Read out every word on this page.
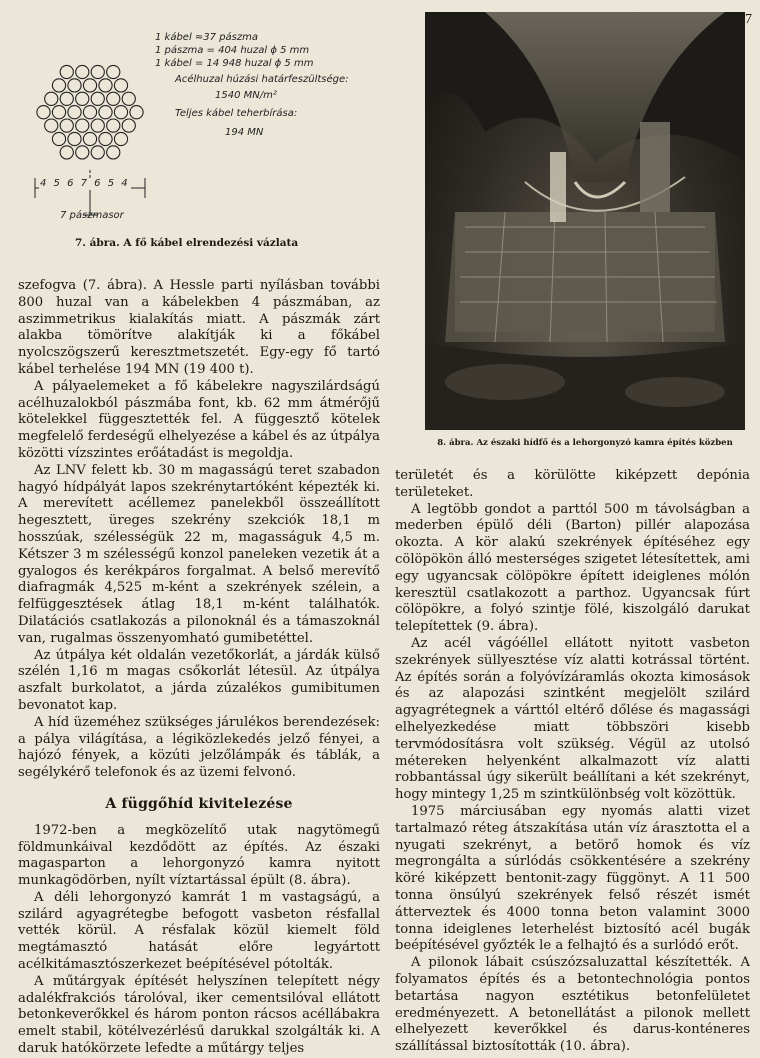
7
1 kábel ≈37 pászma
1 pászma = 404 huzal ϕ 5 mm
1 kábel = 14 948 huzal ϕ 5 mm
Acélhuzal húzási határfeszültsége:
1540 MN/m²
Teljes kábel teherbírása:
194 MN
4 5 6 7 6 5 4
7 pászmasor
7. ábra. A fő kábel elrendezési vázlata
8. ábra. Az északi hídfő és a lehorgonyzó kamra építés közben

szefogva (7. ábra). A Hessle parti nyílásban további 800 huzal van a kábelekben 4 pászmában, az aszimmetrikus kialakítás miatt. A pászmák zárt alakba tömörítve alakítják ki a főkábel nyolcszögszerű keresztmetszetét. Egy-egy fő tartó kábel terhelése 194 MN (19 400 t).

A pályaelemeket a fő kábelekre nagyszilárdságú acélhuzalokból pászmába font, kb. 62 mm átmérőjű kötelekkel függesztették fel. A függesztő kötelek megfelelő ferdeségű elhelyezése a kábel és az útpálya közötti vízszintes erőátadást is megoldja.

Az LNV felett kb. 30 m magasságú teret szabadon hagyó hídpályát lapos szekrénytartóként képezték ki. A merevített acéllemez panelekből összeállított hegesztett, üreges szekrény szekciók 18,1 m hosszúak, szélességük 22 m, magasságuk 4,5 m. Kétszer 3 m szélességű konzol paneleken vezetik át a gyalogos és kerékpáros forgalmat. A belső merevítő diafragmák 4,525 m-ként a szekrények szélein, a felfüggesztések átlag 18,1 m-ként találhatók. Dilatációs csatlakozás a pilonoknál és a támaszoknál van, rugalmas összenyomható gumibetéttel.

Az útpálya két oldalán vezetőkorlát, a járdák külső szélén 1,16 m magas csőkorlát létesül. Az útpálya aszfalt burkolatot, a járda zúzalékos gumibitumen bevonatot kap.

A híd üzeméhez szükséges járulékos berendezések: a pálya világítása, a légiközlekedés jelző fényei, a hajózó fények, a közúti jelzőlámpák és táblák, a segélykérő telefonok és az üzemi felvonó.

A függőhíd kivitelezése

1972-ben a megközelítő utak nagytömegű földmunkáival kezdődött az építés. Az északi magasparton a lehorgonyzó kamra nyitott munkagödörben, nyílt víztartással épült (8. ábra).

A déli lehorgonyzó kamrát 1 m vastagságú, a szilárd agyagrétegbe befogott vasbeton résfallal vették körül. A résfalak közül kiemelt föld megtámasztó hatását előre legyártott acélkitámasztószerkezet beépítésével pótolták.

A műtárgyak építését helyszínen telepített négy adalékfrakciós tárolóval, iker cementsilóval ellátott betonkeverőkkel és három ponton rácsos acéllábakra emelt stabil, kötélvezérlésű darukkal szolgálták ki. A daruk hatókörzete lefedte a műtárgy teljes

területét és a körülötte kiképzett depónia területeket.

A legtöbb gondot a parttól 500 m távolságban a mederben épülő déli (Barton) pillér alapozása okozta. A kör alakú szekrények építéséhez egy cölöpökön álló mesterséges szigetet létesítettek, ami egy ugyancsak cölöpökre épített ideiglenes mólón keresztül csatlakozott a parthoz. Ugyancsak fúrt cölöpökre, a folyó szintje fölé, kiszolgáló darukat telepítettek (9. ábra).

Az acél vágóéllel ellátott nyitott vasbeton szekrények süllyesztése víz alatti kotrással történt. Az építés során a folyóvízáramlás okozta kimosások és az alapozási szintként megjelölt szilárd agyagrétegnek a várttól eltérő dőlése és magassági elhelyezkedése miatt többszöri kisebb tervmódosításra volt szükség. Végül az utolsó métereken helyenként alkalmazott víz alatti robbantással úgy sikerült beállítani a két szekrényt, hogy mintegy 1,25 m szintkülönbség volt közöttük.

1975 márciusában egy nyomás alatti vizet tartalmazó réteg átszakítása után víz árasztotta el a nyugati szekrényt, a betörő homok és víz megrongálta a súrlódás csökkentésére a szekrény köré kiképzett bentonit-zagy függönyt. A 11 500 tonna önsúlyú szekrények felső részét ismét átterveztek és 4000 tonna beton valamint 3000 tonna ideiglenes leterhelést biztosító acél bugák beépítésével győzték le a felhajtó és a surlódó erőt.

A pilonok lábait csúszózsaluzattal készítették. A folyamatos építés és a betontechnológia pontos betartása nagyon esztétikus betonfelületet eredményezett. A betonellátást a pilonok mellett elhelyezett keverőkkel és darus-konténeres szállítással biztosították (10. ábra).
